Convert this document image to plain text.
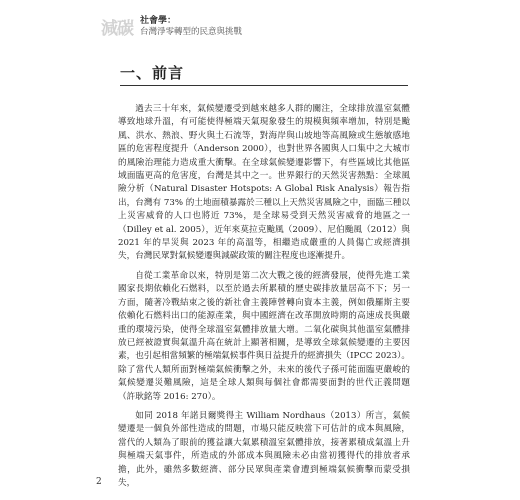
減碳 社會學：
台灣淨零轉型的民意與挑戰
一、前言

過去三十年來，氣候變遷受到越來越多人群的關注，全球排放溫室氣體導致地球升溫，有可能使得極端天氣現象發生的規模與頻率增加，特別是颱風、洪水、熱浪、野火與土石流等，對海岸與山坡地等高風險或生態敏感地區的危害程度提升（Anderson 2000），也對世界各國與人口集中之大城市的風險治理能力造成重大衝擊。在全球氣候變遷影響下，有些區域比其他區域面臨更高的危害度，台灣是其中之一。世界銀行的天然災害熱點：全球風險分析（Natural Disaster Hotspots: A Global Risk Analysis）報告指出，台灣有 73% 的土地面積暴露於三種以上天然災害風險之中，面臨三種以上災害威脅的人口也將近 73%，是全球易受到天然災害威脅的地區之一（Dilley et al. 2005），近年來莫拉克颱風（2009）、尼伯颱風（2012）與 2021 年的旱災與 2023 年的高溫等，相繼造成嚴重的人員傷亡或經濟損失，台灣民眾對氣候變遷與減碳政策的關注程度也逐漸提升。

自從工業革命以來，特別是第二次大戰之後的經濟發展，使得先進工業國家長期依賴化石燃料，以至於過去所累積的歷史碳排放量居高不下；另一方面，隨著冷戰結束之後的新社會主義陣營轉向資本主義，例如俄羅斯主要依賴化石燃料出口的能源產業，與中國經濟在改革開放時期的高速成長與嚴重的環境污染，使得全球溫室氣體排放量大增。二氧化碳與其他溫室氣體排放已經被證實與氣溫升高在統計上顯著相關，是導致全球氣候變遷的主要因素，也引起相當頻繁的極端氣候事件與日益提升的經濟損失（IPCC 2023）。除了當代人類所面對極端氣候衝擊之外，未來的後代子孫可能面臨更嚴峻的氣候變遷災難風險，這是全球人類與每個社會都需要面對的世代正義問題（許耿銘等 2016: 270）。

如同 2018 年諾貝爾獎得主 William Nordhaus（2013）所言，氣候變遷是一個負外部性造成的問題，市場只能反映當下可估計的成本與風險，當代的人類為了眼前的獲益讓大氣累積溫室氣體排放，接著累積成氣溫上升與極端天氣事件，所造成的外部成本與風險未必由當初獲得代的排放者承擔，此外，雖然多數經濟、部分民眾與產業會遭到極端氣候衝擊而蒙受損失，

2
